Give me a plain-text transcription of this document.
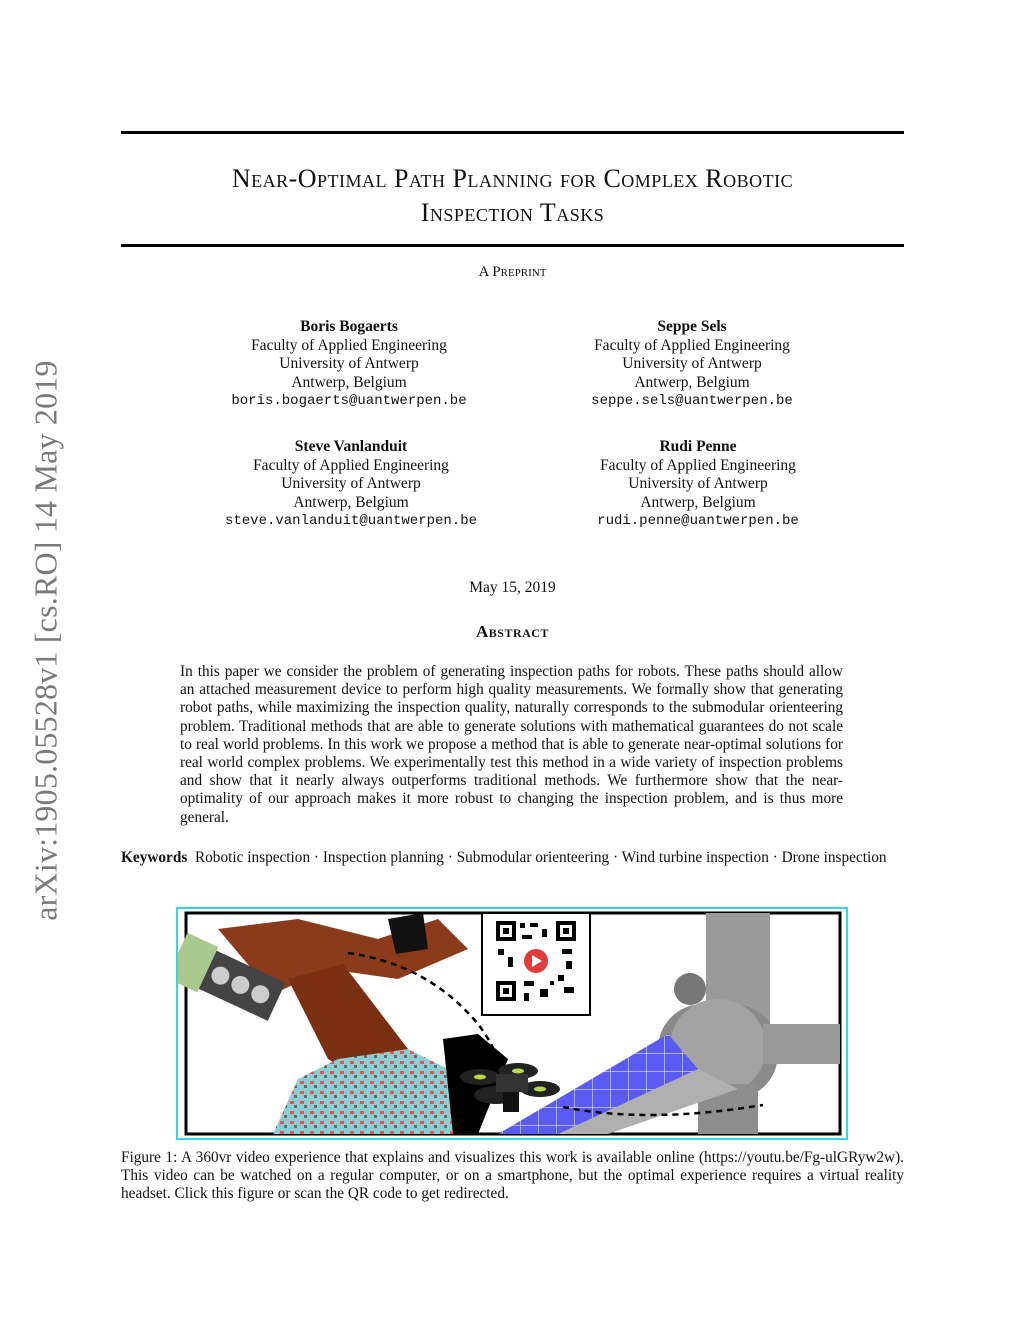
arXiv:1905.05528v1 [cs.RO] 14 May 2019
Near-Optimal Path Planning for Complex Robotic
Inspection Tasks
A Preprint
Boris Bogaerts
Faculty of Applied Engineering
University of Antwerp
Antwerp, Belgium
boris.bogaerts@uantwerpen.be
Seppe Sels
Faculty of Applied Engineering
University of Antwerp
Antwerp, Belgium
seppe.sels@uantwerpen.be
Steve Vanlanduit
Faculty of Applied Engineering
University of Antwerp
Antwerp, Belgium
steve.vanlanduit@uantwerpen.be
Rudi Penne
Faculty of Applied Engineering
University of Antwerp
Antwerp, Belgium
rudi.penne@uantwerpen.be
May 15, 2019
Abstract
In this paper we consider the problem of generating inspection paths for robots. These paths should allow an attached measurement device to perform high quality measurements. We formally show that generating robot paths, while maximizing the inspection quality, naturally corresponds to the submodular orienteering problem. Traditional methods that are able to generate solutions with mathematical guarantees do not scale to real world problems. In this work we propose a method that is able to generate near-optimal solutions for real world complex problems. We experimentally test this method in a wide variety of inspection problems and show that it nearly always outperforms traditional methods. We furthermore show that the near-optimality of our approach makes it more robust to changing the inspection problem, and is thus more general.
Keywords Robotic inspection · Inspection planning · Submodular orienteering · Wind turbine inspection · Drone inspection
Figure 1: A 360vr video experience that explains and visualizes this work is available online (https://youtu.be/Fg-ulGRyw2w). This video can be watched on a regular computer, or on a smartphone, but the optimal experience requires a virtual reality headset. Click this figure or scan the QR code to get redirected.
